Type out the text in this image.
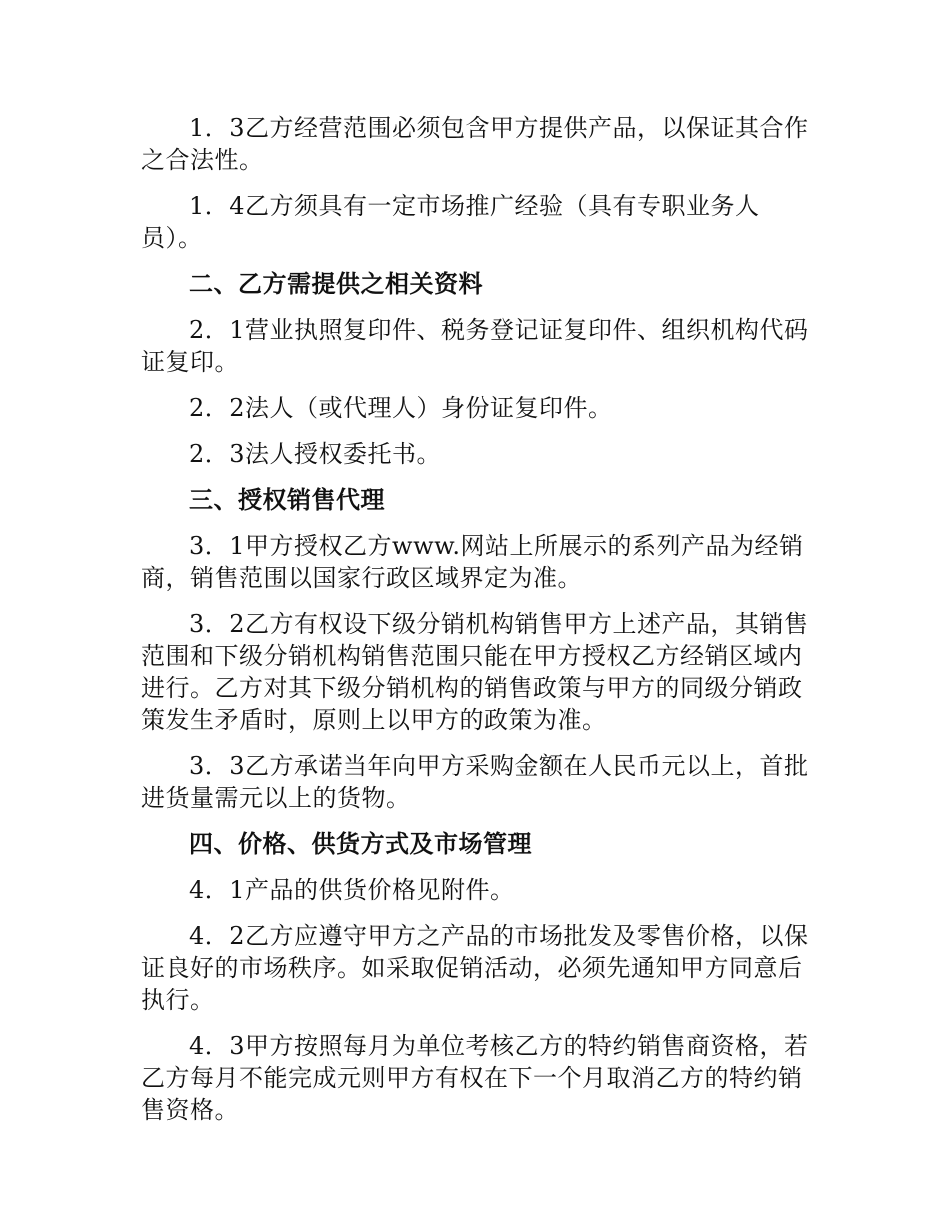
1．3乙方经营范围必须包含甲方提供产品，以保证其合作之合法性。

1．4乙方须具有一定市场推广经验（具有专职业务人员）。

二、乙方需提供之相关资料

2．1营业执照复印件、税务登记证复印件、组织机构代码证复印。

2．2法人（或代理人）身份证复印件。

2．3法人授权委托书。

三、授权销售代理

3．1甲方授权乙方www.网站上所展示的系列产品为经销商，销售范围以国家行政区域界定为准。

3．2乙方有权设下级分销机构销售甲方上述产品，其销售范围和下级分销机构销售范围只能在甲方授权乙方经销区域内进行。乙方对其下级分销机构的销售政策与甲方的同级分销政策发生矛盾时，原则上以甲方的政策为准。

3．3乙方承诺当年向甲方采购金额在人民币元以上，首批进货量需元以上的货物。

四、价格、供货方式及市场管理

4．1产品的供货价格见附件。

4．2乙方应遵守甲方之产品的市场批发及零售价格，以保证良好的市场秩序。如采取促销活动，必须先通知甲方同意后执行。

4．3甲方按照每月为单位考核乙方的特约销售商资格，若乙方每月不能完成元则甲方有权在下一个月取消乙方的特约销售资格。
